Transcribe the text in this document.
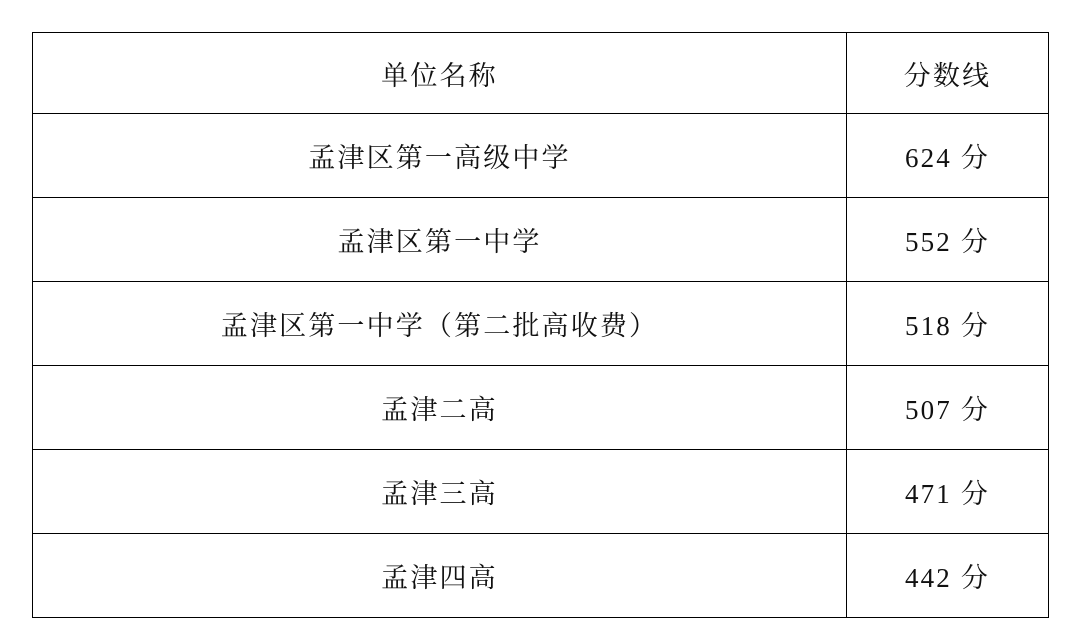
单位名称	分数线
孟津区第一高级中学	624 分
孟津区第一中学	552 分
孟津区第一中学（第二批高收费）	518 分
孟津二高	507 分
孟津三高	471 分
孟津四高	442 分
